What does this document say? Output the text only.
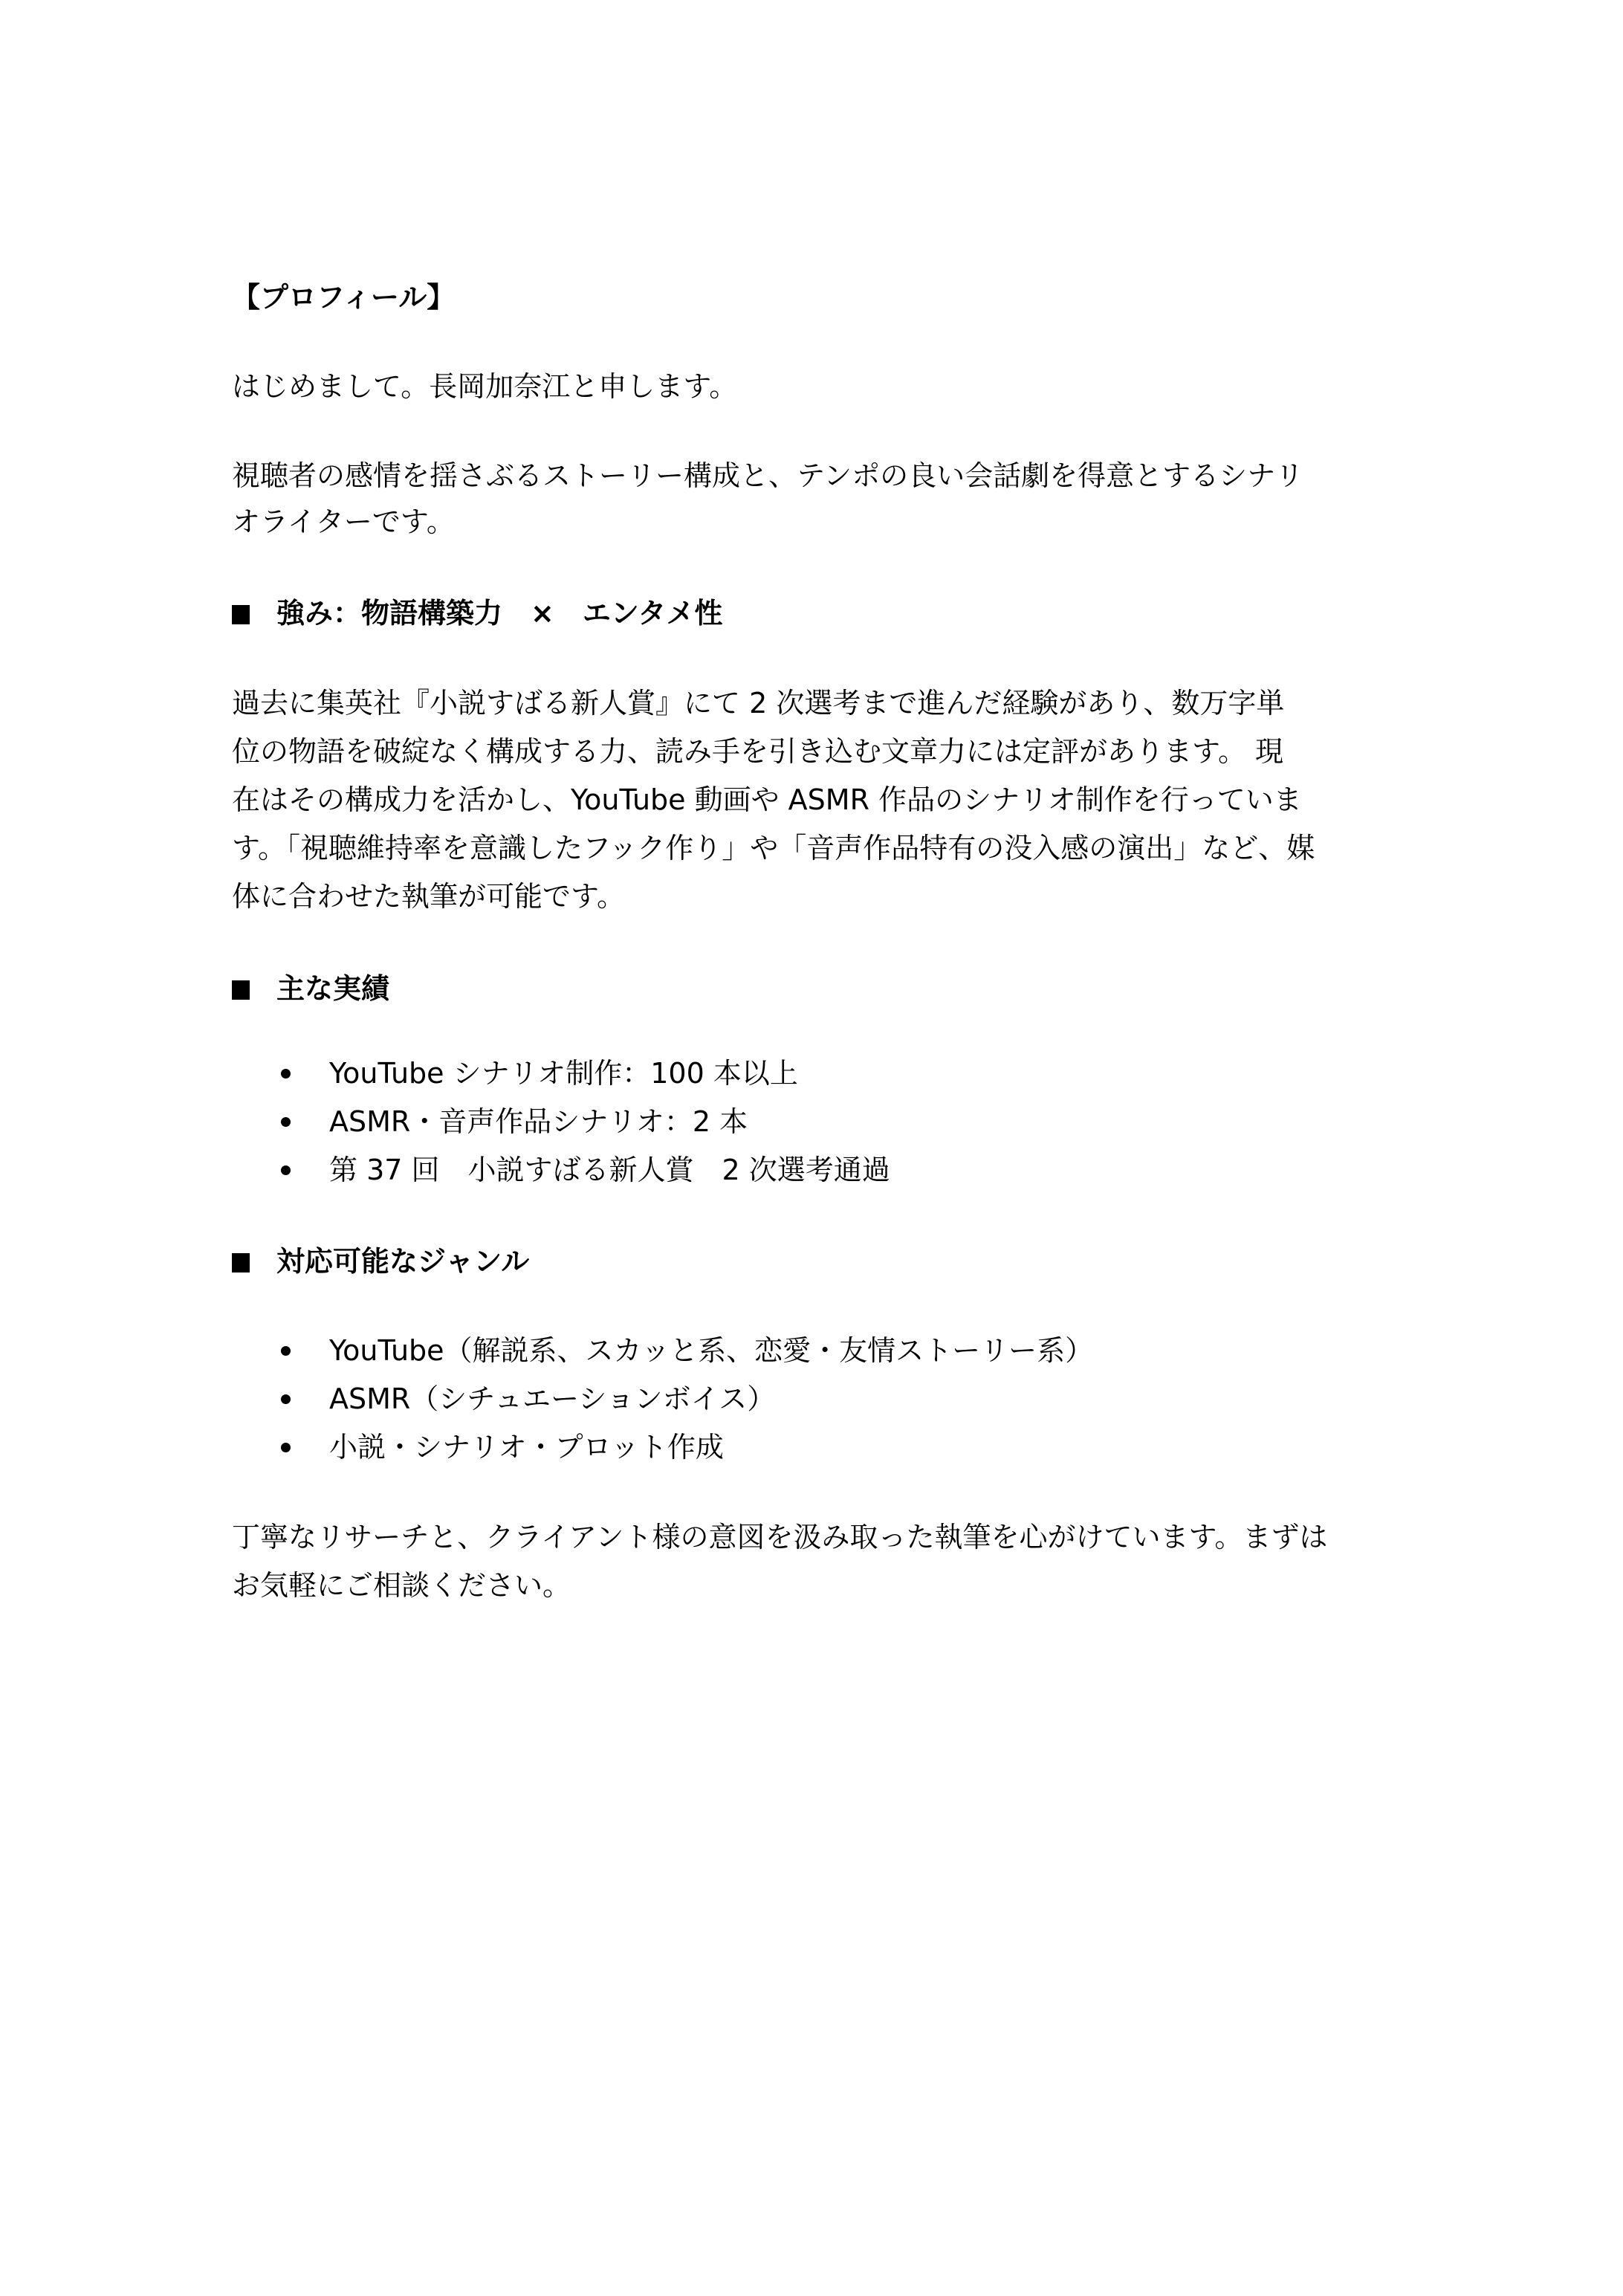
【プロフィール】
はじめまして。長岡加奈江と申します。
視聴者の感情を揺さぶるストーリー構成と、テンポの良い会話劇を得意とするシナリ
オライターです。
強み：物語構築力　×　エンタメ性
過去に集英社『小説すばる新人賞』にて 2 次選考まで進んだ経験があり、数万字単
位の物語を破綻なく構成する力、読み手を引き込む文章力には定評があります。 現
在はその構成力を活かし、YouTube 動画や ASMR 作品のシナリオ制作を行っていま
す。「視聴維持率を意識したフック作り」や「音声作品特有の没入感の演出」など、媒
体に合わせた執筆が可能です。
主な実績
YouTube シナリオ制作：100 本以上
ASMR・音声作品シナリオ：2 本
第 37 回　小説すばる新人賞　2 次選考通過
対応可能なジャンル
YouTube（解説系、スカッと系、恋愛・友情ストーリー系）
ASMR（シチュエーションボイス）
小説・シナリオ・プロット作成
丁寧なリサーチと、クライアント様の意図を汲み取った執筆を心がけています。まずは
お気軽にご相談ください。
